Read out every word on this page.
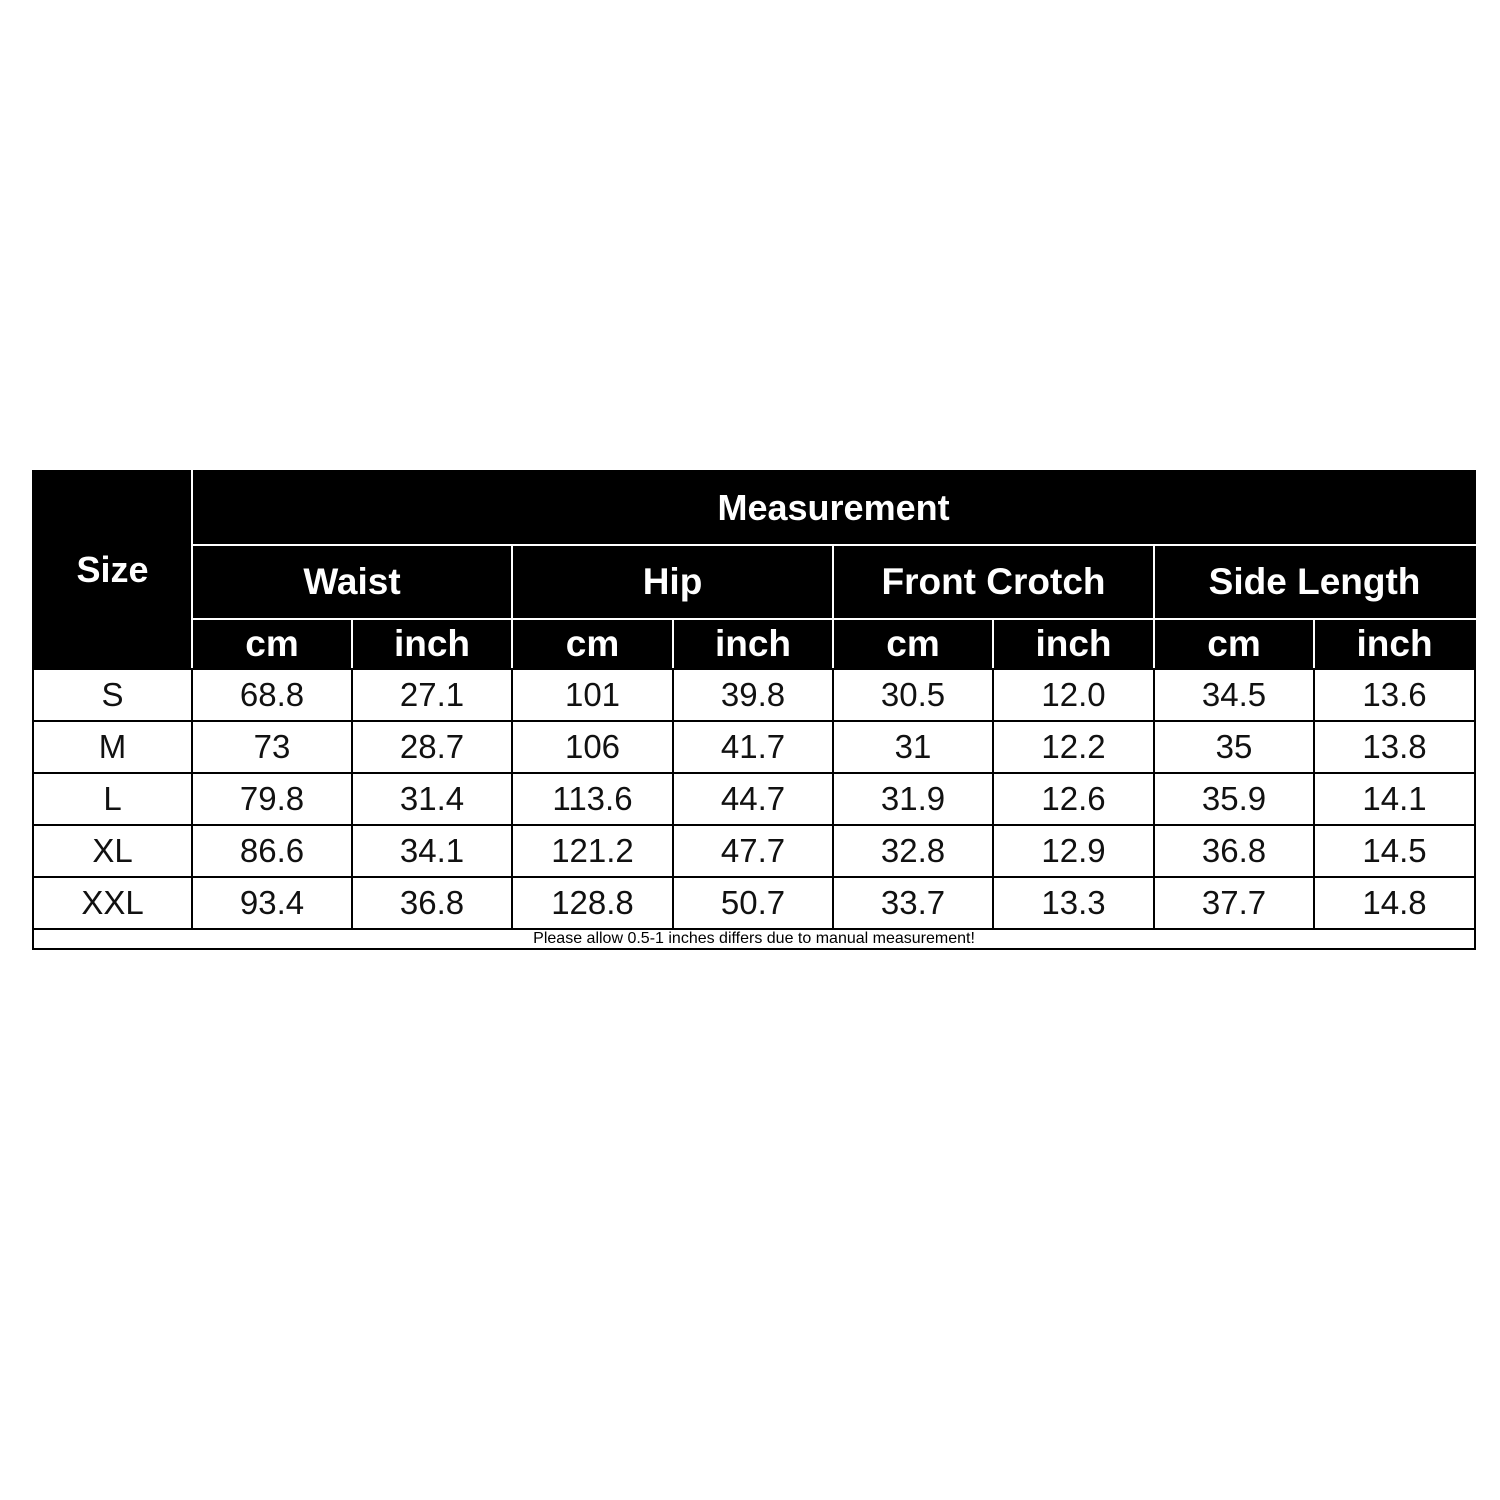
Size	Measurement							
	Waist		Hip		Front Crotch		Side Length	
	cm	inch	cm	inch	cm	inch	cm	inch
S	68.8	27.1	101	39.8	30.5	12.0	34.5	13.6
M	73	28.7	106	41.7	31	12.2	35	13.8
L	79.8	31.4	113.6	44.7	31.9	12.6	35.9	14.1
XL	86.6	34.1	121.2	47.7	32.8	12.9	36.8	14.5
XXL	93.4	36.8	128.8	50.7	33.7	13.3	37.7	14.8
Please allow 0.5-1 inches differs due to manual measurement!								
